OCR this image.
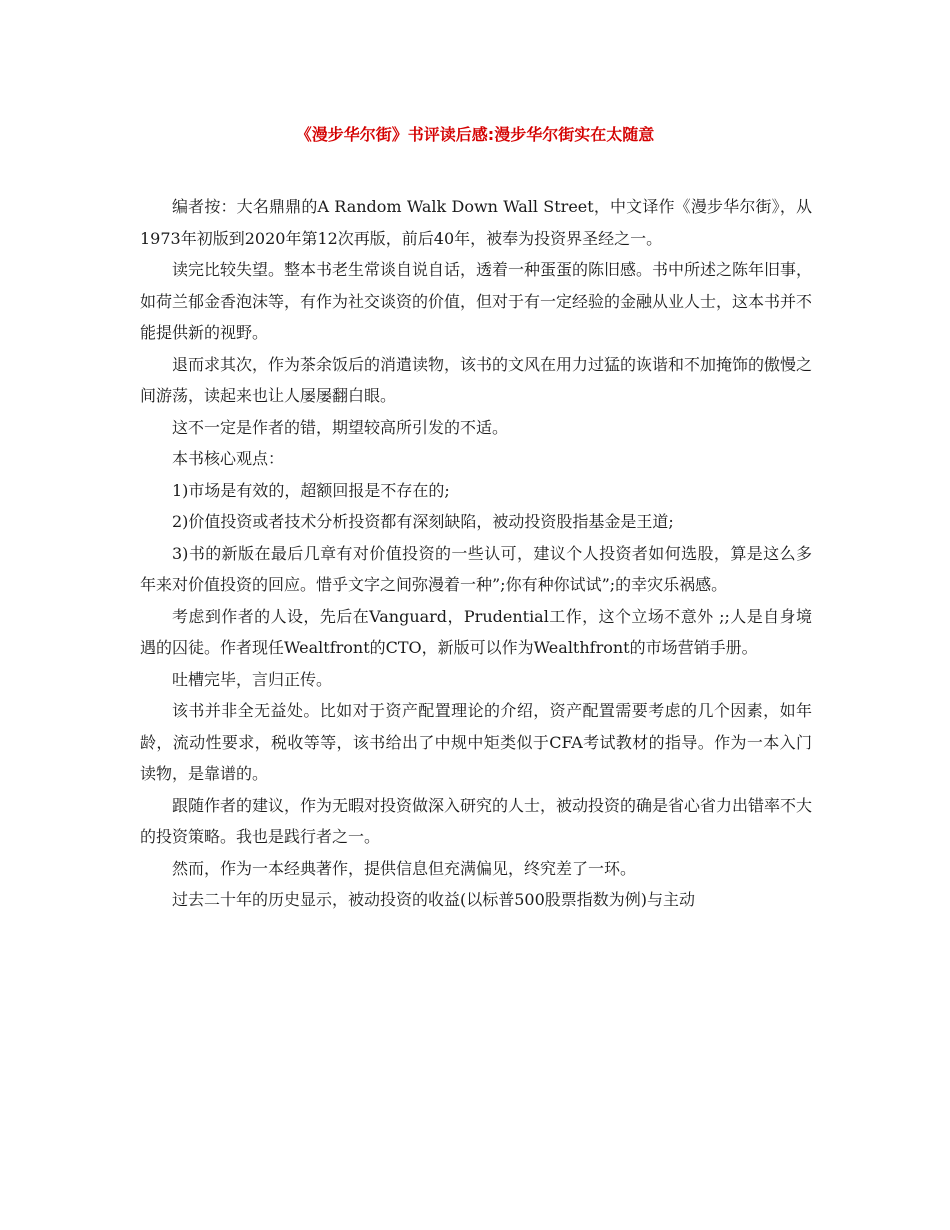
《漫步华尔街》书评读后感:漫步华尔街实在太随意

编者按：大名鼎鼎的A Random Walk Down Wall Street，中文译作《漫步华尔街》，从1973年初版到2020年第12次再版，前后40年，被奉为投资界圣经之一。

读完比较失望。整本书老生常谈自说自话，透着一种蛋蛋的陈旧感。书中所述之陈年旧事，如荷兰郁金香泡沫等，有作为社交谈资的价值，但对于有一定经验的金融从业人士，这本书并不能提供新的视野。

退而求其次，作为茶余饭后的消遣读物，该书的文风在用力过猛的诙谐和不加掩饰的傲慢之间游荡，读起来也让人屡屡翻白眼。

这不一定是作者的错，期望较高所引发的不适。

本书核心观点：

1)市场是有效的，超额回报是不存在的;

2)价值投资或者技术分析投资都有深刻缺陷，被动投资股指基金是王道;

3)书的新版在最后几章有对价值投资的一些认可，建议个人投资者如何选股，算是这么多年来对价值投资的回应。惜乎文字之间弥漫着一种”;你有种你试试”;的幸灾乐祸感。

考虑到作者的人设，先后在Vanguard，Prudential工作，这个立场不意外 ;;人是自身境遇的囚徒。作者现任Wealtfront的CTO，新版可以作为Wealthfront的市场营销手册。

吐槽完毕，言归正传。

该书并非全无益处。比如对于资产配置理论的介绍，资产配置需要考虑的几个因素，如年龄，流动性要求，税收等等，该书给出了中规中矩类似于CFA考试教材的指导。作为一本入门读物，是靠谱的。

跟随作者的建议，作为无暇对投资做深入研究的人士，被动投资的确是省心省力出错率不大的投资策略。我也是践行者之一。

然而，作为一本经典著作，提供信息但充满偏见，终究差了一环。

过去二十年的历史显示，被动投资的收益(以标普500股票指数为例)与主动
